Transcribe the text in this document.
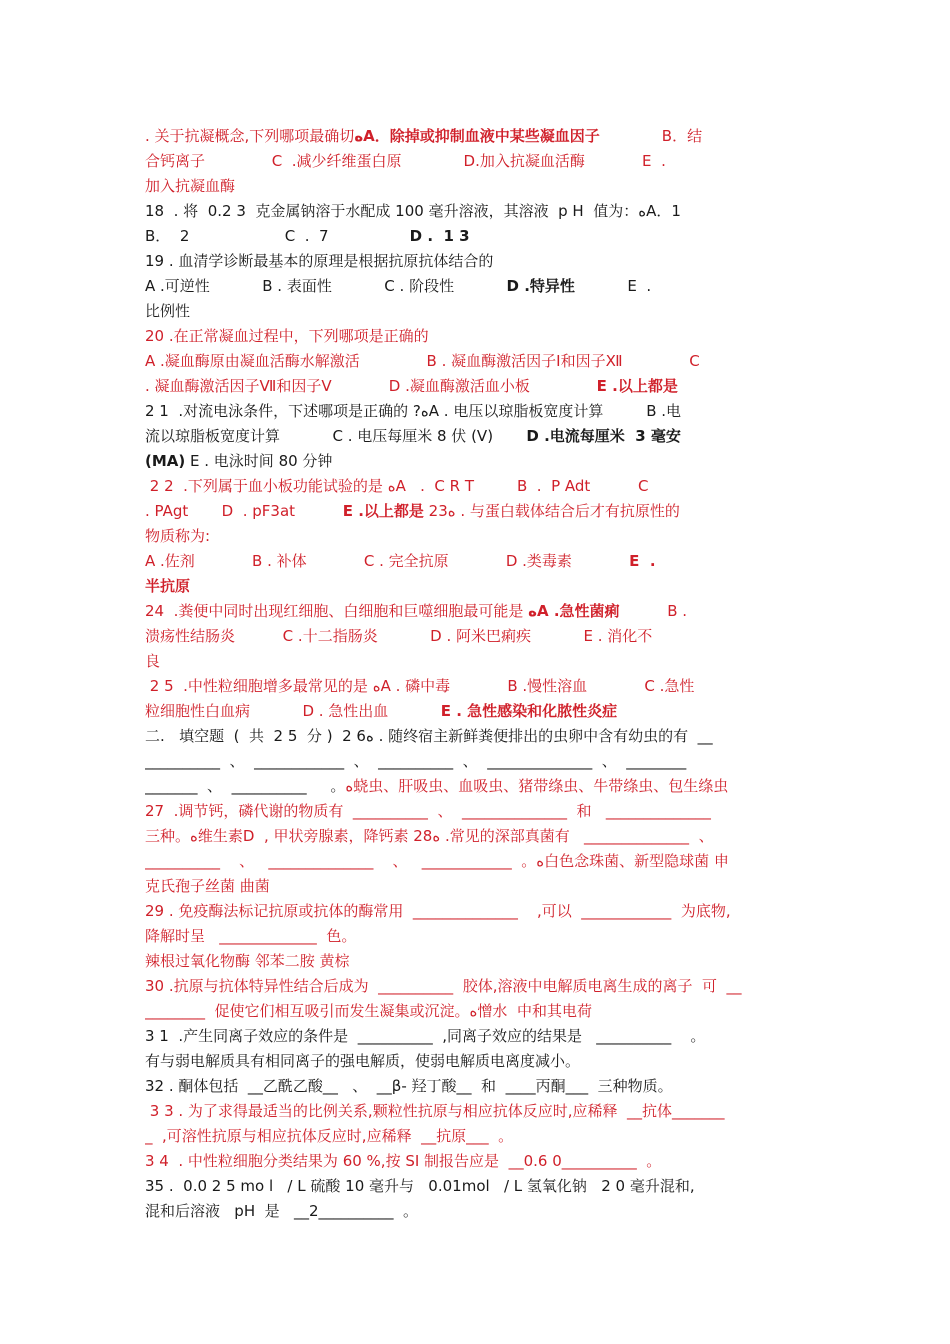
. 关于抗凝概念,下列哪项最确切ﻩA．除掉或抑制血液中某些凝血因子             B．结
合钙离子              C  .减少纤维蛋白原             D.加入抗凝血活酶            E  .
加入抗凝血酶
18  . 将  0.2 3  克金属钠溶于水配成 100 毫升溶液，其溶液  p H  值为：ﻩA．1
B．  2                    C  .  7                 D .  1 3
19 . 血清学诊断最基本的原理是根据抗原抗体结合的
A .可逆性           B . 表面性           C . 阶段性           D .特异性           E  .
比例性
20 .在正常凝血过程中，下列哪项是正确的
A .凝血酶原由凝血活酶水解激活              B . 凝血酶激活因子Ⅰ和因子Ⅻ              C
. 凝血酶激活因子Ⅶ和因子Ⅴ            D .凝血酶激活血小板              E .以上都是
2 1  .对流电泳条件，下述哪项是正确的 ?ﻩA . 电压以琼脂板宽度计算         B .电
流以琼脂板宽度计算           C . 电压每厘米 8 伏 (V)       D .电流每厘米  3 毫安
(MA) E . 电泳时间 80 分钟
2 2  .下列属于血小板功能试验的是 ﻩA   .  C R T         B  .  P Adt          C
. PAgt       D  . pF3at          E .以上都是 23ﻩ . 与蛋白载体结合后才有抗原性的
物质称为:
A .佐剂            B . 补体            C . 完全抗原            D .类毒素            E  .
半抗原
24  .粪便中同时出现红细胞、白细胞和巨噬细胞最可能是 ﻩA .急性菌痢          B .
溃疡性结肠炎          C .十二指肠炎           D . 阿米巴痢疾           E . 消化不
良
2 5  .中性粒细胞增多最常见的是 ﻩA . 磷中毒            B .慢性溶血            C .急性
粒细胞性白血病           D . 急性出血           E . 急性感染和化脓性炎症
二.   填空题  (  共  2 5  分 )  2 6ﻩ . 随终宿主新鲜粪便排出的虫卵中含有幼虫的有  __
__________  、  ____________  、  __________  、  ______________  、  ________
_______  、  __________     。ﻩ蛲虫、肝吸虫、血吸虫、猪带绦虫、牛带绦虫、包生绦虫
27  .调节钙，磷代谢的物质有  __________  、  ______________  和   ______________
三种。ﻩ维生素D  , 甲状旁腺素，降钙素 28ﻩ .常见的深部真菌有   ______________  、
__________    、   ______________    、   ____________  。ﻩ白色念珠菌、新型隐球菌 申
克氏孢子丝菌 曲菌
29 . 免疫酶法标记抗原或抗体的酶常用  ______________    ,可以  ____________  为底物,
降解时呈   _____________  色。
辣根过氧化物酶 邻苯二胺 黄棕
30 .抗原与抗体特异性结合后成为  __________  胶体,溶液中电解质电离生成的离子  可  __
________  促使它们相互吸引而发生凝集或沉淀。ﻩ憎水  中和其电荷
3 1  .产生同离子效应的条件是  __________  ,同离子效应的结果是   __________    。
有与弱电解质具有相同离子的强电解质，使弱电解质电离度减小。
32 . 酮体包括  __乙酰乙酸__   、  __β- 羟丁酸__  和  ____丙酮___  三种物质。
3 3 . 为了求得最适当的比例关系,颗粒性抗原与相应抗体反应时,应稀释  __抗体_______
_  ,可溶性抗原与相应抗体反应时,应稀释  __抗原___  。
3 4  . 中性粒细胞分类结果为 60 %,按 SI 制报告应是  __0.6 0__________  。
35 .  0.0 2 5 mo l   / L 硫酸 10 毫升与   0.01mol   / L 氢氧化钠   2 0 毫升混和,
混和后溶液   pH  是   __2__________  。
